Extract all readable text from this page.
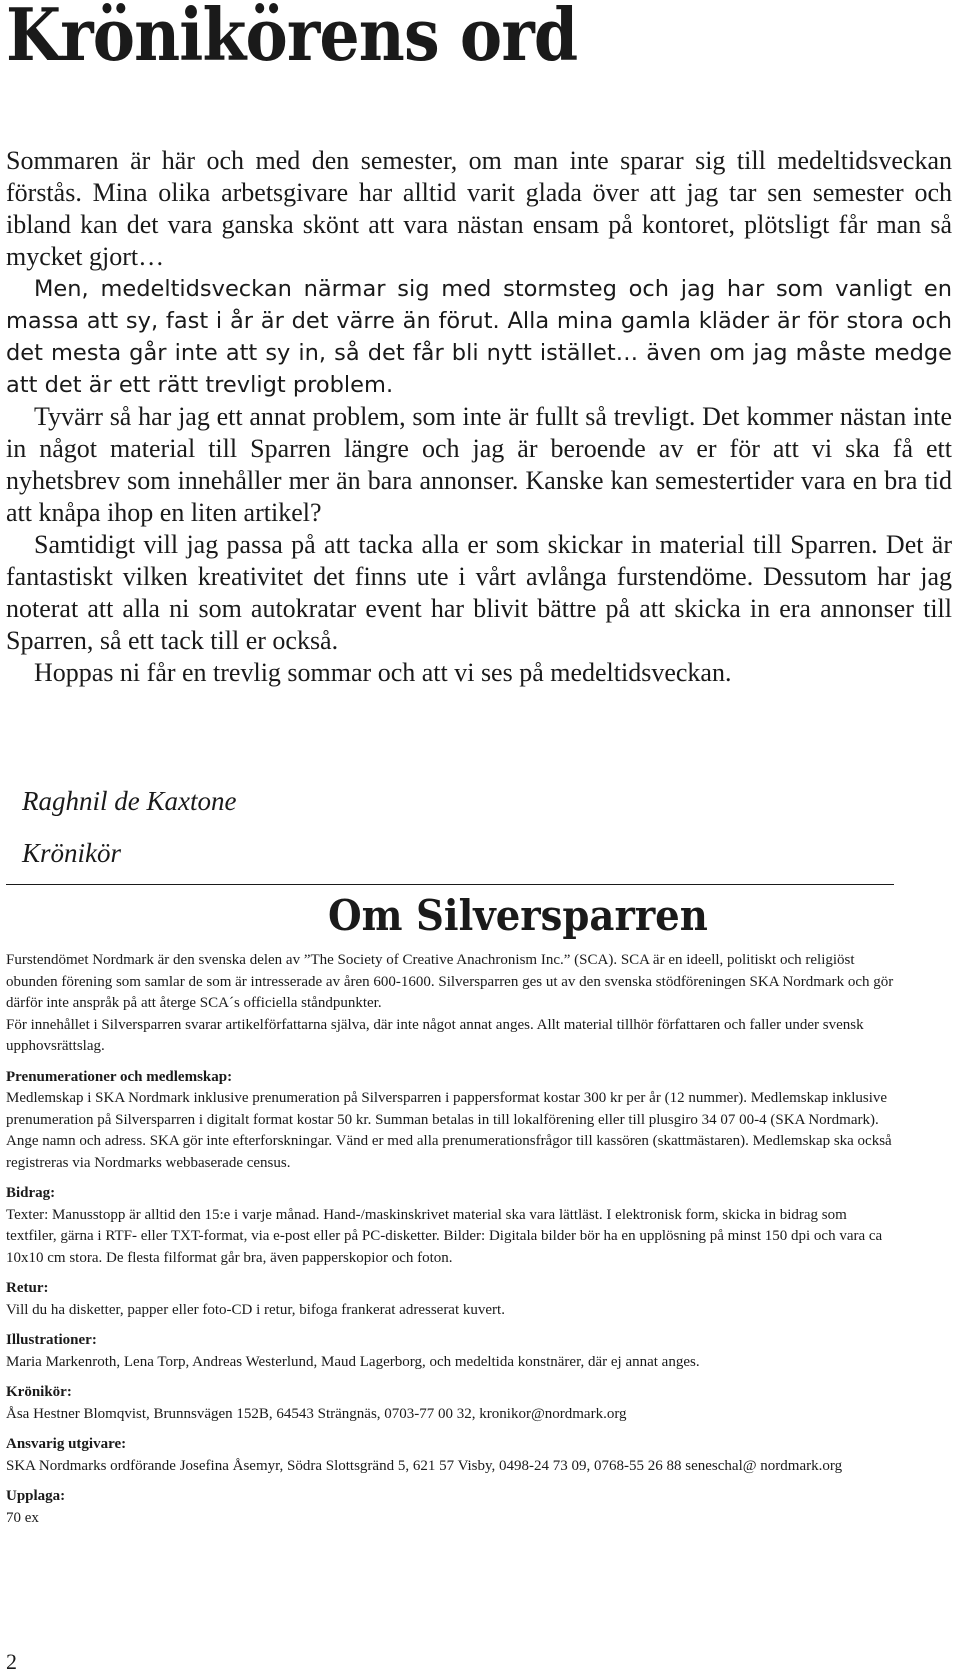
Krönikörens ord

Sommaren är här och med den semester, om man inte sparar sig till medeltidsveckan förstås. Mina olika arbetsgivare har alltid varit glada över att jag tar sen semester och ibland kan det vara ganska skönt att vara nästan ensam på kontoret, plötsligt får man så mycket gjort…

Men, medeltidsveckan närmar sig med stormsteg och jag har som vanligt en massa att sy, fast i år är det värre än förut. Alla mina gamla kläder är för stora och det mesta går inte att sy in, så det får bli nytt istället… även om jag måste medge att det är ett rätt trevligt problem.

Tyvärr så har jag ett annat problem, som inte är fullt så trevligt. Det kommer nästan inte in något material till Sparren längre och jag är beroende av er för att vi ska få ett nyhetsbrev som innehåller mer än bara annonser. Kanske kan semestertider vara en bra tid att knåpa ihop en liten artikel?

Samtidigt vill jag passa på att tacka alla er som skickar in material till Sparren. Det är fantastiskt vilken kreativitet det finns ute i vårt avlånga furstendöme. Dessutom har jag noterat att alla ni som autokratar event har blivit bättre på att skicka in era annonser till Sparren, så ett tack till er också.

Hoppas ni får en trevlig sommar och att vi ses på medeltidsveckan.

Raghnil de Kaxtone

Krönikör

Om Silversparren

Furstendömet Nordmark är den svenska delen av ”The Society of Creative Anachronism Inc.” (SCA). SCA är en ideell, politiskt och religiöst obunden förening som samlar de som är intresserade av åren 600-1600. Silversparren ges ut av den svenska stödföreningen SKA Nordmark och gör därför inte anspråk på att återge SCA´s officiella ståndpunkter.

För innehållet i Silversparren svarar artikelförfattarna själva, där inte något annat anges. Allt material tillhör författaren och faller under svensk upphovsrättslag.

Prenumerationer och medlemskap:

Medlemskap i SKA Nordmark inklusive prenumeration på Silversparren i pappersformat kostar 300 kr per år (12 nummer). Medlemskap inklusive prenumeration på Silversparren i digitalt format kostar 50 kr. Summan betalas in till lokalförening eller till plusgiro 34 07 00-4 (SKA Nordmark). Ange namn och adress. SKA gör inte efterforskningar. Vänd er med alla prenumerationsfrågor till kassören (skattmästaren). Medlemskap ska också registreras via Nordmarks webbaserade census.

Bidrag:

Texter: Manusstopp är alltid den 15:e i varje månad. Hand-/maskinskrivet material ska vara lättläst. I elektronisk form, skicka in bidrag som textfiler, gärna i RTF- eller TXT-format, via e-post eller på PC-disketter. Bilder: Digitala bilder bör ha en upplösning på minst 150 dpi och vara ca 10x10 cm stora. De flesta filformat går bra, även papperskopior och foton.

Retur:

Vill du ha disketter, papper eller foto-CD i retur, bifoga frankerat adresserat kuvert.

Illustrationer:

Maria Markenroth, Lena Torp, Andreas Westerlund, Maud Lagerborg, och medeltida konstnärer, där ej annat anges.

Krönikör:

Åsa Hestner Blomqvist, Brunnsvägen 152B, 64543 Strängnäs, 0703-77 00 32, kronikor@nordmark.org

Ansvarig utgivare:

SKA Nordmarks ordförande Josefina Åsemyr, Södra Slottsgränd 5, 621 57 Visby, 0498-24 73 09, 0768-55 26 88 seneschal@ nordmark.org

Upplaga:

70 ex

2
